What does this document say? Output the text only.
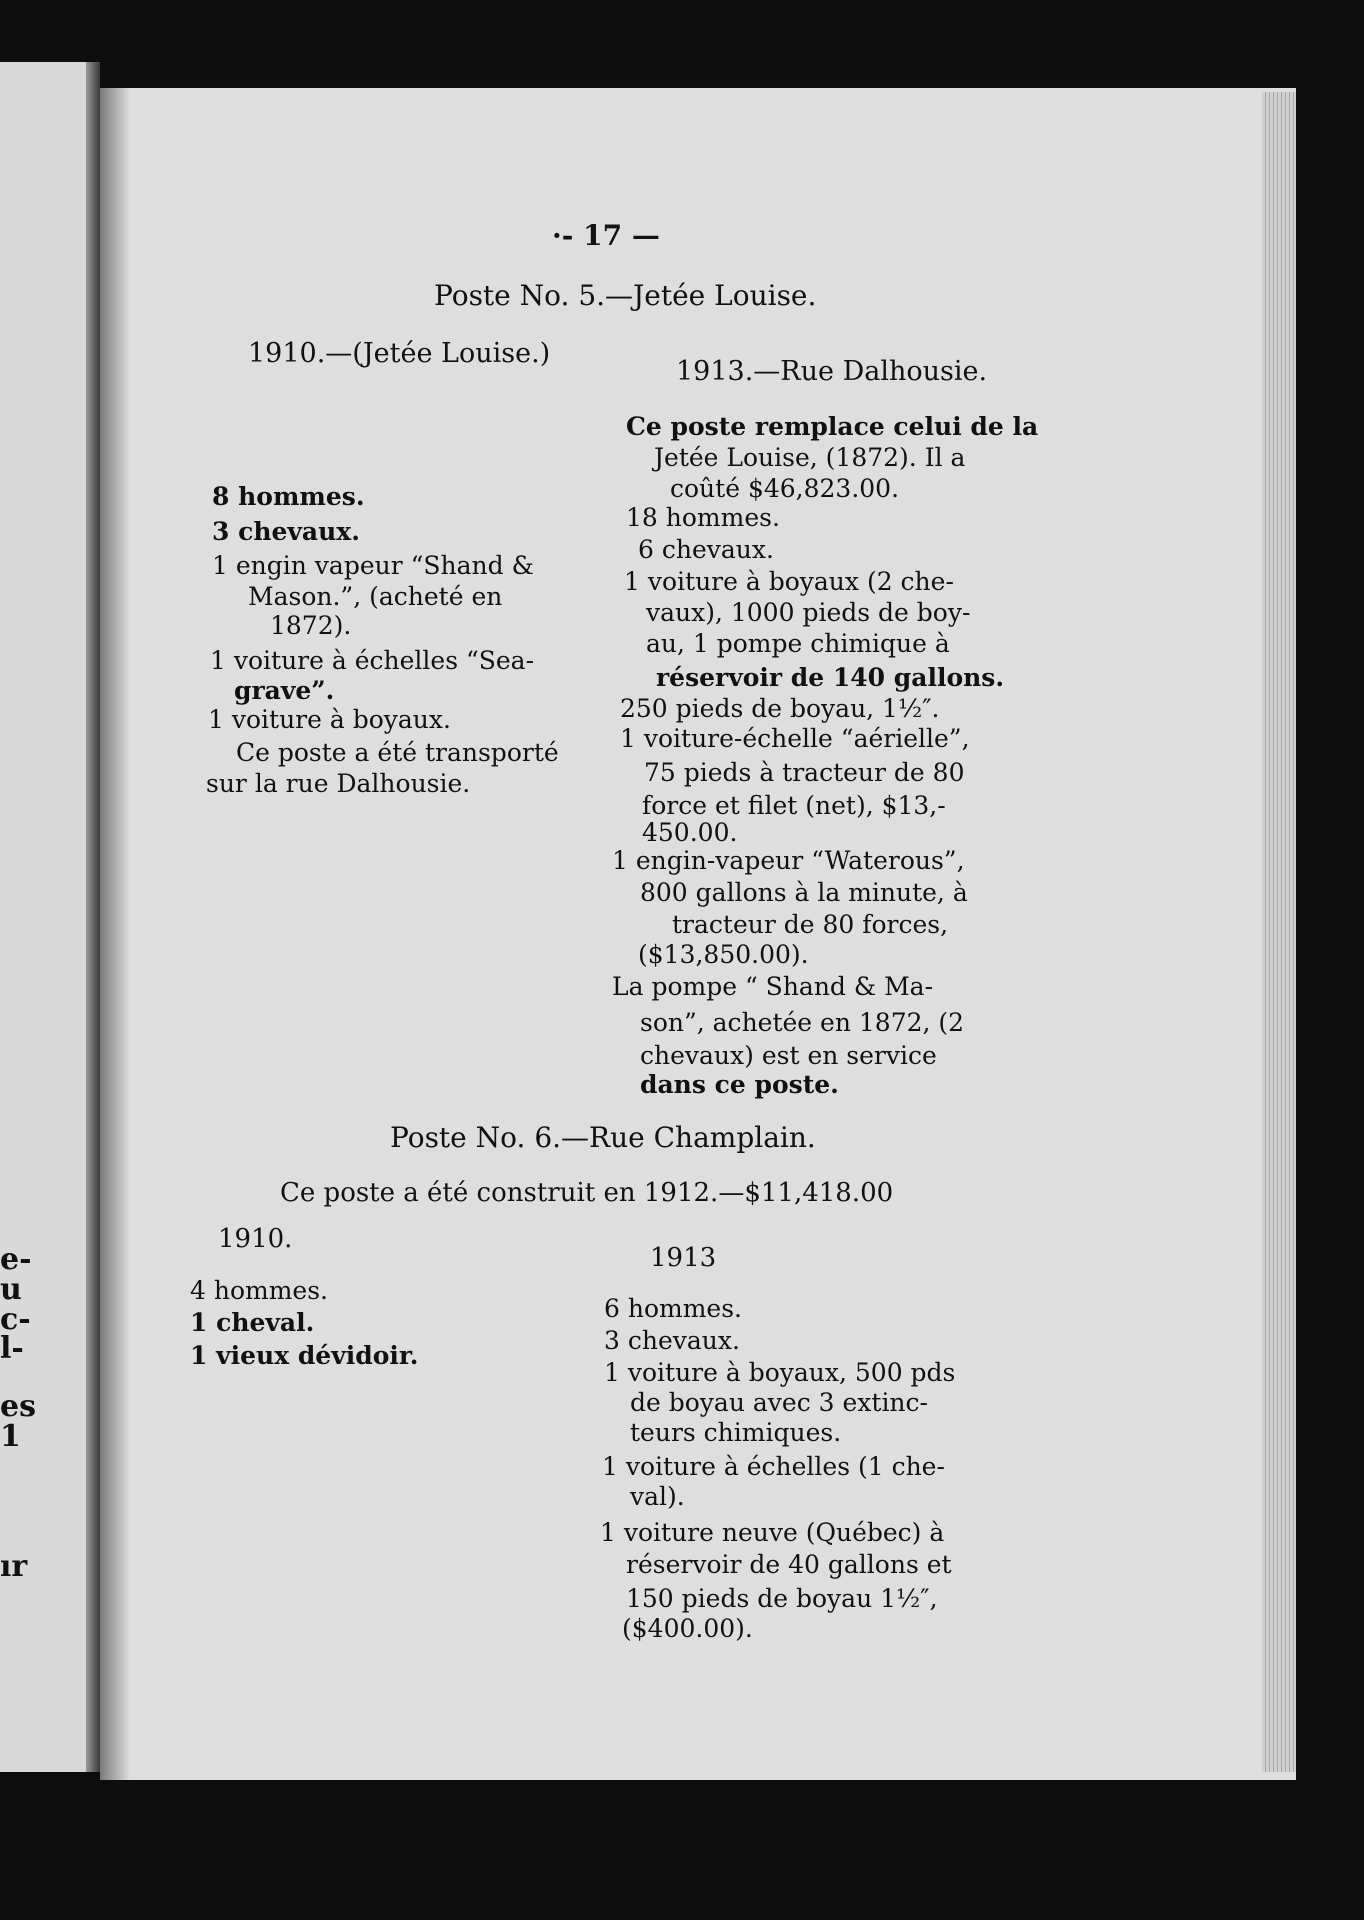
e-
u
c-
l-
es
1
ır
·- 17 —
Poste No. 5.—Jetée Louise.
1910.—(Jetée Louise.)
8 hommes.
3 chevaux.
1 engin vapeur “Shand &
Mason.”, (acheté en
1872).
1 voiture à échelles “Sea-
grave”.
1 voiture à boyaux.
Ce poste a été transporté
sur la rue Dalhousie.
1913.—Rue Dalhousie.
Ce poste remplace celui de la
Jetée Louise, (1872). Il a
coûté $46,823.00.
18 hommes.
6 chevaux.
1 voiture à boyaux (2 che-
vaux), 1000 pieds de boy-
au, 1 pompe chimique à
réservoir de 140 gallons.
250 pieds de boyau, 1½″.
1 voiture-échelle “aérielle”,
75 pieds à tracteur de 80
force et filet (net), $13,-
450.00.
1 engin-vapeur “Waterous”,
800 gallons à la minute, à
tracteur de 80 forces,
($13,850.00).
La pompe “ Shand & Ma-
son”, achetée en 1872, (2
chevaux) est en service
dans ce poste.
Poste No. 6.—Rue Champlain.
Ce poste a été construit en 1912.—$11,418.00
1910.
4 hommes.
1 cheval.
1 vieux dévidoir.
1913
6 hommes.
3 chevaux.
1 voiture à boyaux, 500 pds
de boyau avec 3 extinc-
teurs chimiques.
1 voiture à échelles (1 che-
val).
1 voiture neuve (Québec) à
réservoir de 40 gallons et
150 pieds de boyau 1½″,
($400.00).
